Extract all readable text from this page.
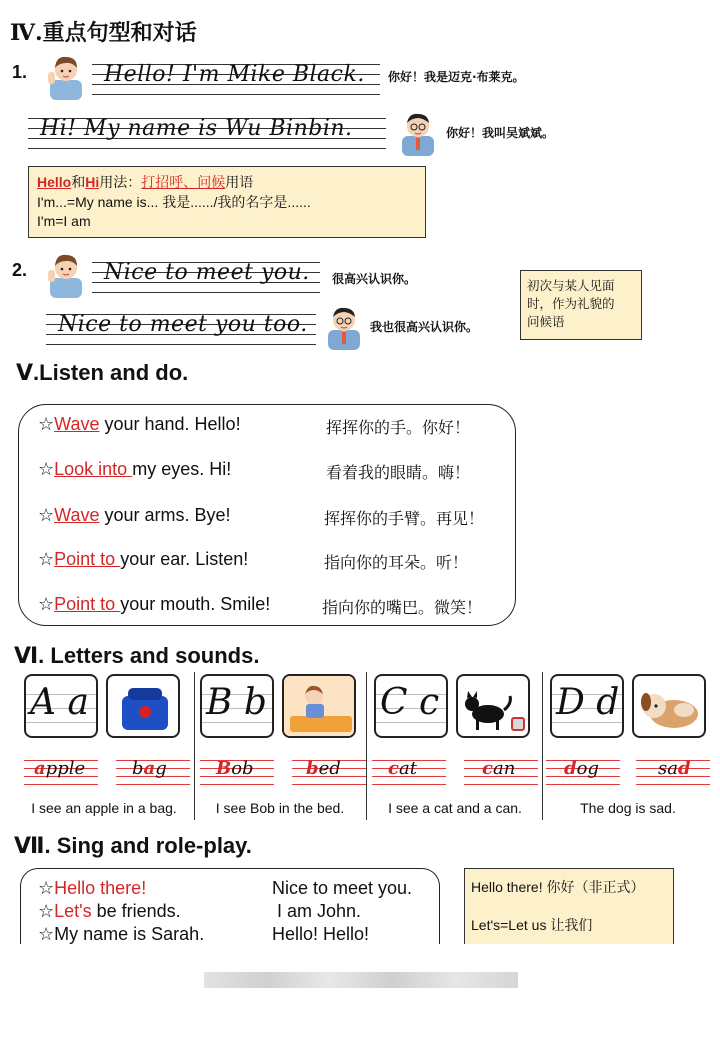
Ⅳ.重点句型和对话
1.	Hello! I'm Mike Black. 你好！我是迈克·布莱克。
Hi! My name is Wu Binbin.	你好！我叫吴斌斌。
Hello和Hi用法：打招呼、问候用语
I'm...=My name is... 我是....../我的名字是......
I'm=I am
2.	Nice to meet you. 很高兴认识你。
Nice to meet you too.	我也很高兴认识你。
初次与某人见面
时，作为礼貌的
问候语
Ⅴ.Listen and do.
☆Wave your hand. Hello!	挥挥你的手。你好！
☆Look into my eyes. Hi!	看着我的眼睛。嗨！
☆Wave your arms. Bye!	挥挥你的手臂。再见！
☆Point to your ear. Listen!	指向你的耳朵。听！
☆Point to your mouth. Smile!	指向你的嘴巴。微笑！
Ⅵ. Letters and sounds.
A a
apple	bag
I see an apple in a bag.
B b
Bob	bed
I see Bob in the bed.
C c
cat	can
I see a cat and a can.
D d
dog	sad
The dog is sad.
Ⅶ. Sing and role-play.
☆Hello there!	Nice to meet you.
☆Let's be friends.	I am John.
☆My name is Sarah.	Hello! Hello!
Hello there! 你好（非正式）
Let's=Let us 让我们
